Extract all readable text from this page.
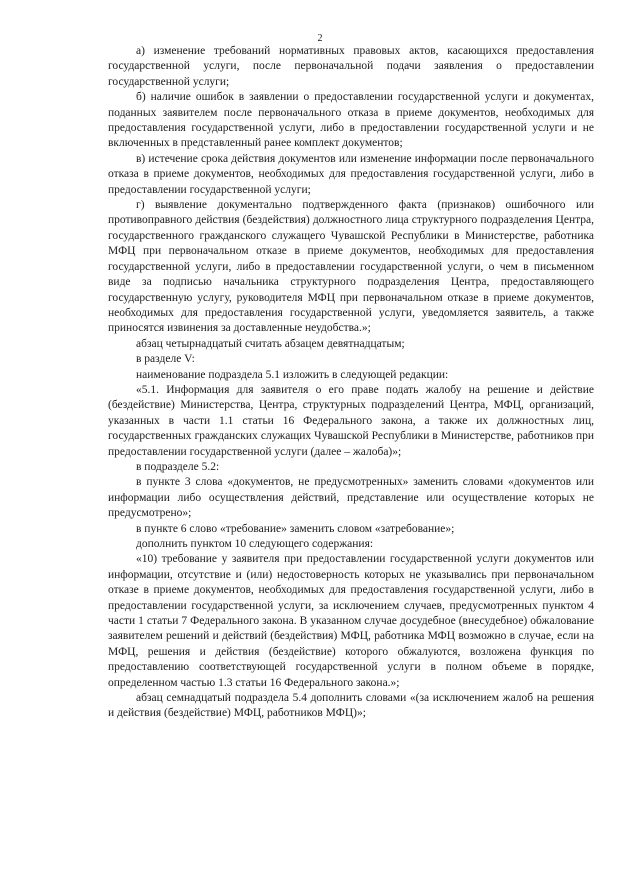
2

а) изменение требований нормативных правовых актов, касающихся предоставления государственной услуги, после первоначальной подачи заявления о предоставлении государственной услуги;

б) наличие ошибок в заявлении о предоставлении государственной услуги и документах, поданных заявителем после первоначального отказа в приеме документов, необходимых для предоставления государственной услуги, либо в предоставлении государственной услуги и не включенных в представленный ранее комплект документов;

в) истечение срока действия документов или изменение информации после первоначального отказа в приеме документов, необходимых для предоставления государственной услуги, либо в предоставлении государственной услуги;

г) выявление документально подтвержденного факта (признаков) ошибочного или противоправного действия (бездействия) должностного лица структурного подразделения Центра, государственного гражданского служащего Чувашской Республики в Министерстве, работника МФЦ при первоначальном отказе в приеме документов, необходимых для предоставления государственной услуги, либо в предоставлении государственной услуги, о чем в письменном виде за подписью начальника структурного подразделения Центра, предоставляющего государственную услугу, руководителя МФЦ при первоначальном отказе в приеме документов, необходимых для предоставления государственной услуги, уведомляется заявитель, а также приносятся извинения за доставленные неудобства.»;

абзац четырнадцатый считать абзацем девятнадцатым;

в разделе V:

наименование подраздела 5.1 изложить в следующей редакции:

«5.1. Информация для заявителя о его праве подать жалобу на решение и действие (бездействие) Министерства, Центра, структурных подразделений Центра, МФЦ, организаций, указанных в части 1.1 статьи 16 Федерального закона, а также их должностных лиц, государственных гражданских служащих Чувашской Республики в Министерстве, работников при предоставлении государственной услуги (далее – жалоба)»;

в подразделе 5.2:

в пункте 3 слова «документов, не предусмотренных» заменить словами «документов или информации либо осуществления действий, представление или осуществление которых не предусмотрено»;

в пункте 6 слово «требование» заменить словом «затребование»;

дополнить пунктом 10 следующего содержания:

«10) требование у заявителя при предоставлении государственной услуги документов или информации, отсутствие и (или) недостоверность которых не указывались при первоначальном отказе в приеме документов, необходимых для предоставления государственной услуги, либо в предоставлении государственной услуги, за исключением случаев, предусмотренных пунктом 4 части 1 статьи 7 Федерального закона. В указанном случае досудебное (внесудебное) обжалование заявителем решений и действий (бездействия) МФЦ, работника МФЦ возможно в случае, если на МФЦ, решения и действия (бездействие) которого обжалуются, возложена функция по предоставлению соответствующей государственной услуги в полном объеме в порядке, определенном частью 1.3 статьи 16 Федерального закона.»;

абзац семнадцатый подраздела 5.4 дополнить словами «(за исключением жалоб на решения и действия (бездействие) МФЦ, работников МФЦ)»;
